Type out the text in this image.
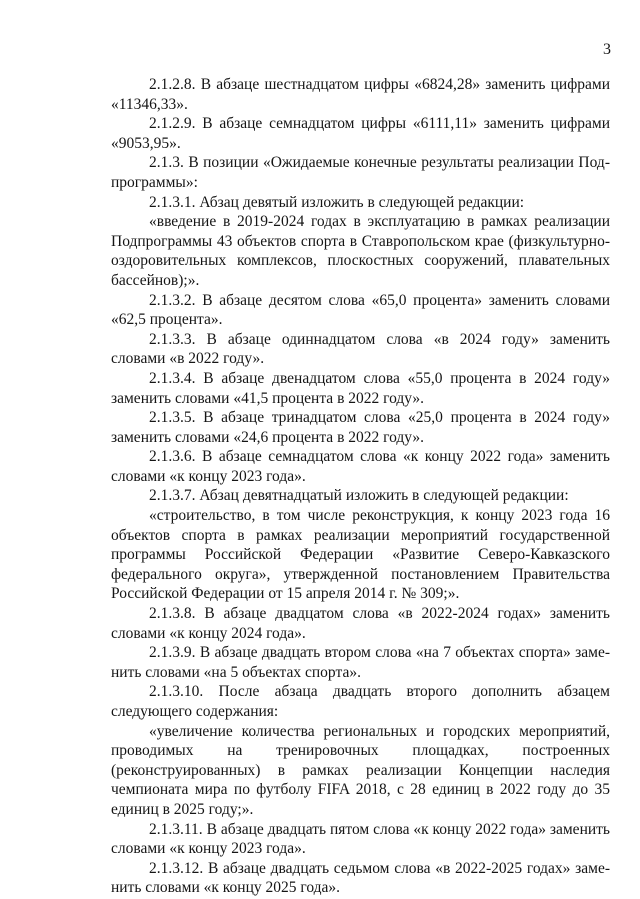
3

2.1.2.8. В абзаце шестнадцатом цифры «6824,28» заменить цифрами «11346,33».

2.1.2.9. В абзаце семнадцатом цифры «6111,11» заменить цифрами «9053,95».

2.1.3. В позиции «Ожидаемые конечные результаты реализации Подпрограммы»:

2.1.3.1. Абзац девятый изложить в следующей редакции:

«введение в 2019-2024 годах в эксплуатацию в рамках реализации Подпрограммы 43 объектов спорта в Ставропольском крае (физкультурно-оздоровительных комплексов, плоскостных сооружений, плавательных бассейнов);».

2.1.3.2. В абзаце десятом слова «65,0 процента» заменить словами «62,5 процента».

2.1.3.3. В абзаце одиннадцатом слова «в 2024 году» заменить словами «в 2022 году».

2.1.3.4. В абзаце двенадцатом слова «55,0 процента в 2024 году» заменить словами «41,5 процента в 2022 году».

2.1.3.5. В абзаце тринадцатом слова «25,0 процента в 2024 году» заменить словами «24,6 процента в 2022 году».

2.1.3.6. В абзаце семнадцатом слова «к концу 2022 года» заменить словами «к концу 2023 года».

2.1.3.7. Абзац девятнадцатый изложить в следующей редакции:

«строительство, в том числе реконструкция, к концу 2023 года 16 объектов спорта в рамках реализации мероприятий государственной программы Российской Федерации «Развитие Северо-Кавказского федерального округа», утвержденной постановлением Правительства Российской Федерации от 15 апреля 2014 г. № 309;».

2.1.3.8. В абзаце двадцатом слова «в 2022-2024 годах» заменить словами «к концу 2024 года».

2.1.3.9. В абзаце двадцать втором слова «на 7 объектах спорта» заменить словами «на 5 объектах спорта».

2.1.3.10. После абзаца двадцать второго дополнить абзацем следующего содержания:

«увеличение количества региональных и городских мероприятий, проводимых на тренировочных площадках, построенных (реконструированных) в рамках реализации Концепции наследия чемпионата мира по футболу FIFA 2018, с 28 единиц в 2022 году до 35 единиц в 2025 году;».

2.1.3.11. В абзаце двадцать пятом слова «к концу 2022 года» заменить словами «к концу 2023 года».

2.1.3.12. В абзаце двадцать седьмом слова «в 2022-2025 годах» заменить словами «к концу 2025 года».
